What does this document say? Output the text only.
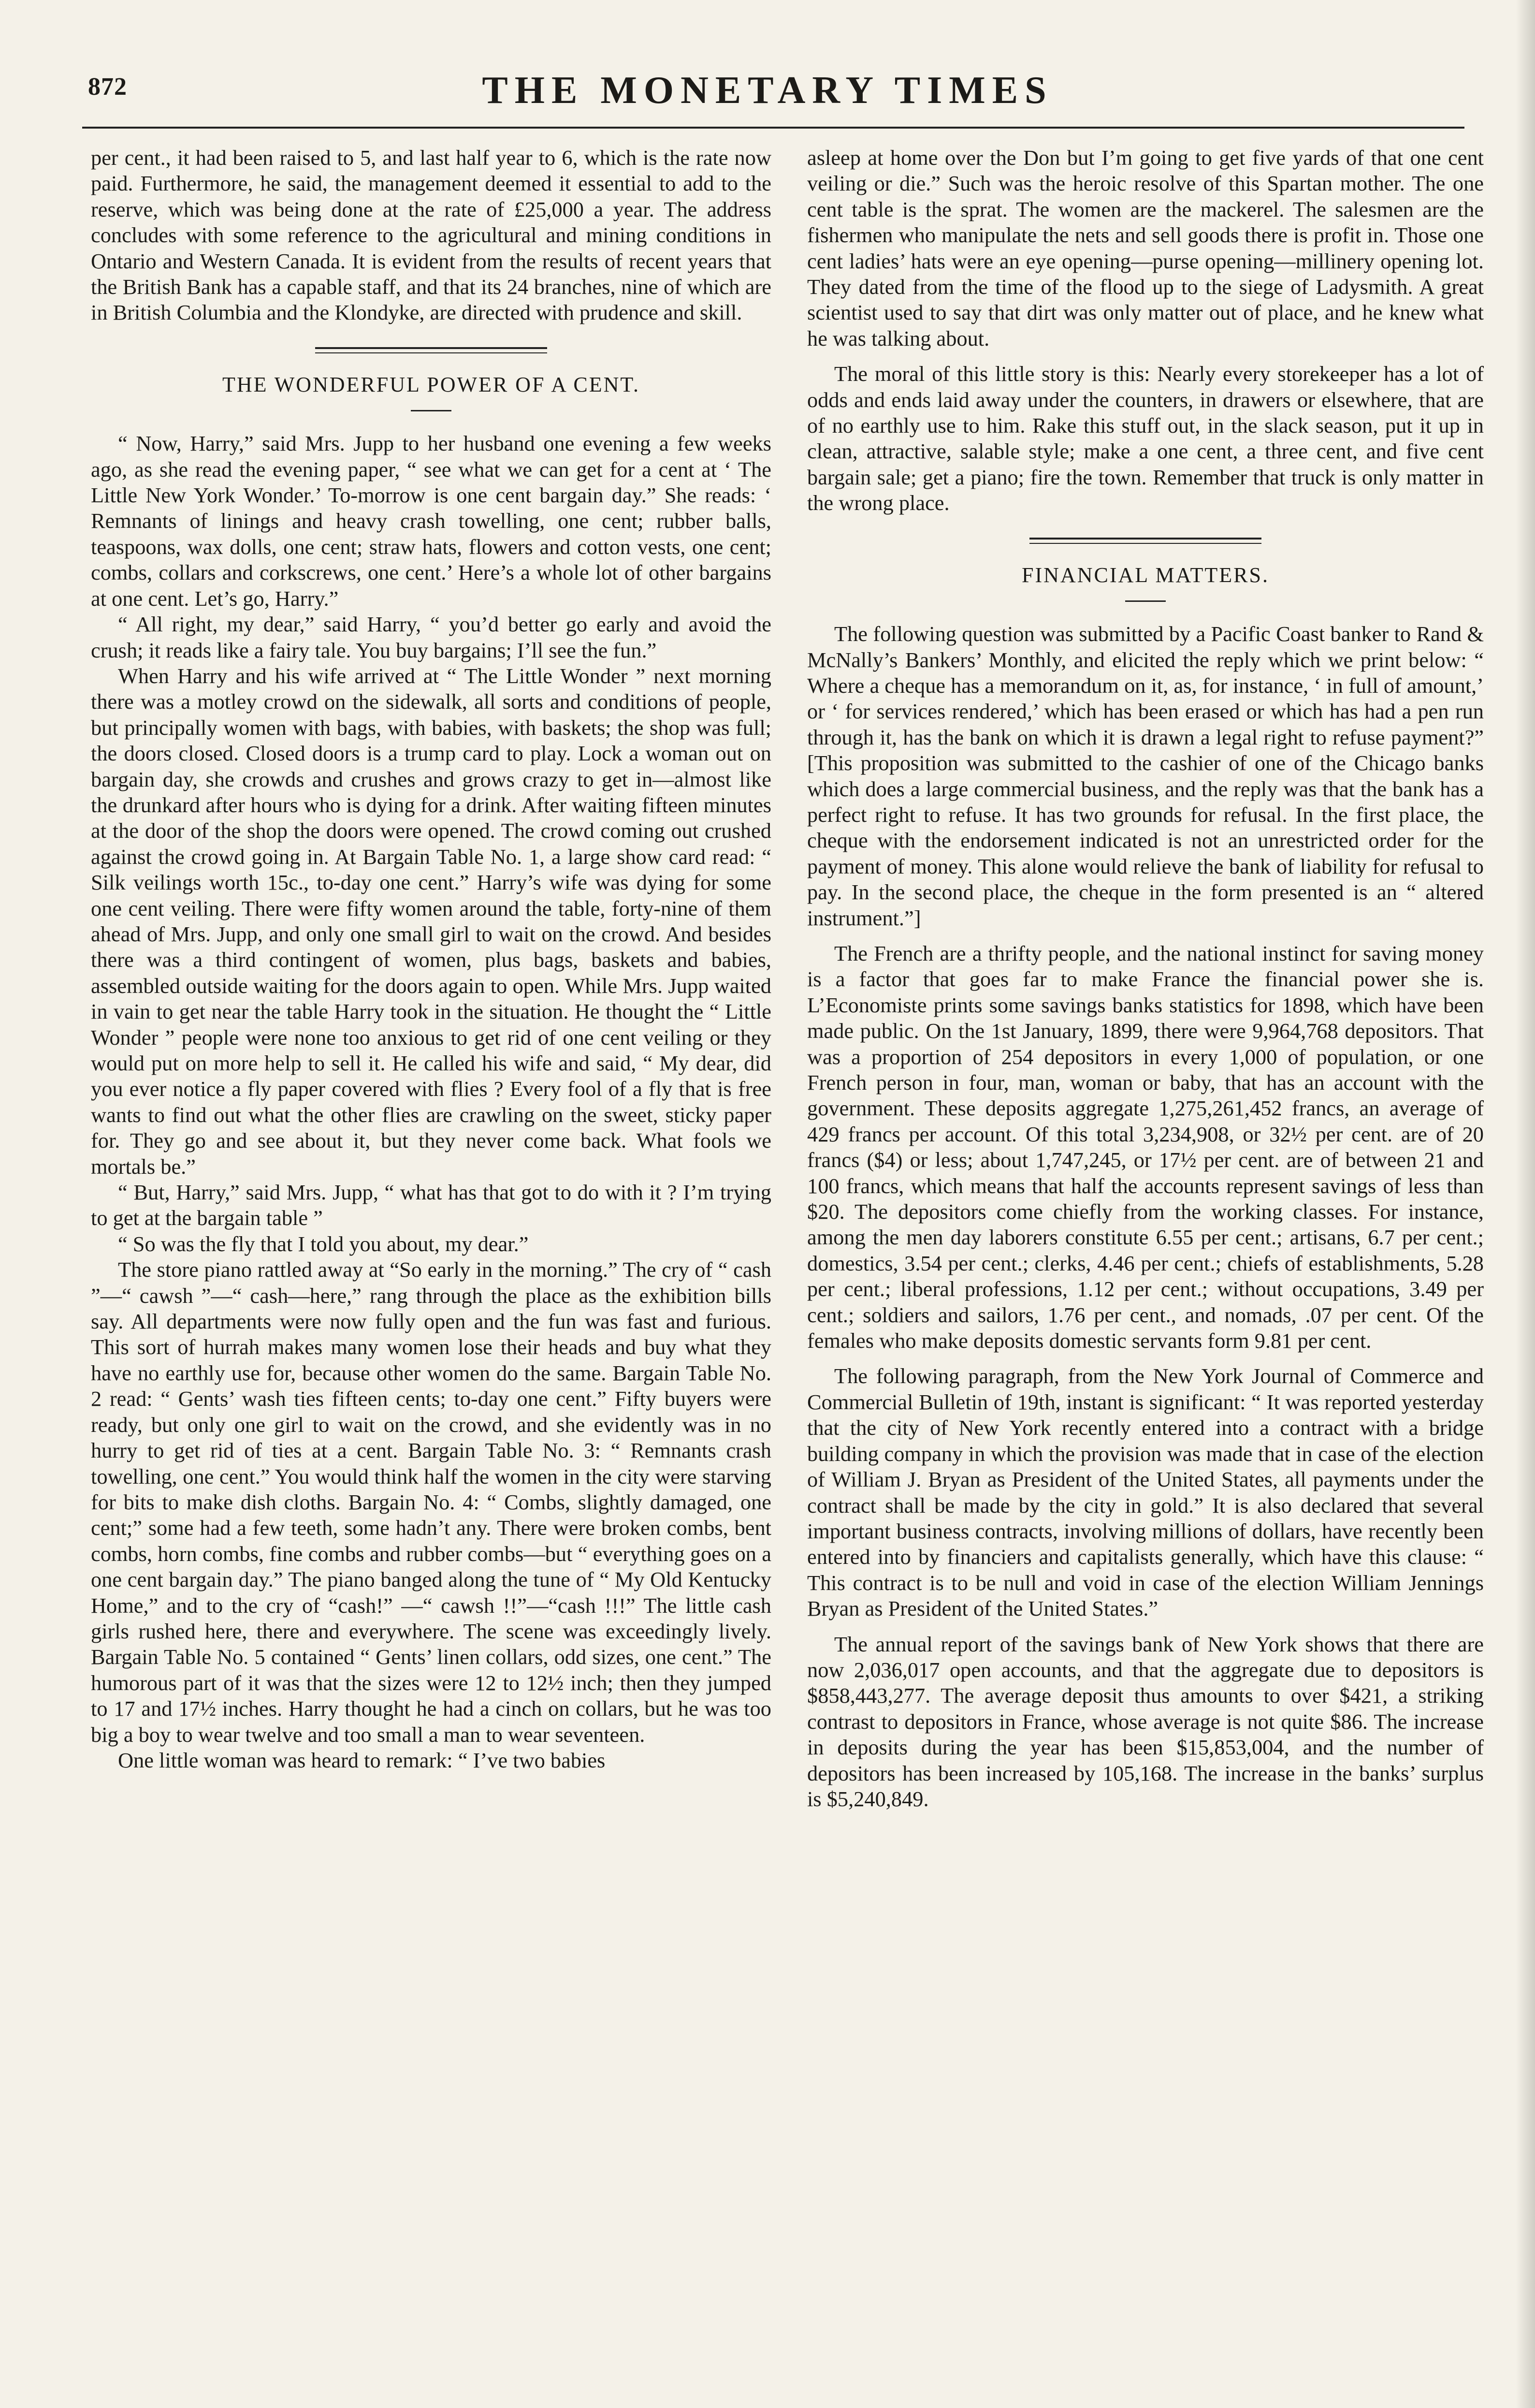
872	THE MONETARY TIMES

per cent., it had been raised to 5, and last half year to 6, which is the rate now paid. Furthermore, he said, the management deemed it essential to add to the reserve, which was being done at the rate of £25,000 a year. The address concludes with some reference to the agricultural and mining conditions in Ontario and Western Canada. It is evident from the results of recent years that the British Bank has a capable staff, and that its 24 branches, nine of which are in British Columbia and the Klondyke, are directed with prudence and skill.

THE WONDERFUL POWER OF A CENT.

“ Now, Harry,” said Mrs. Jupp to her husband one evening a few weeks ago, as she read the evening paper, “ see what we can get for a cent at ‘ The Little New York Wonder.’ To-morrow is one cent bargain day.” She reads: ‘ Remnants of linings and heavy crash towelling, one cent; rubber balls, teaspoons, wax dolls, one cent; straw hats, flowers and cotton vests, one cent; combs, collars and corkscrews, one cent.’ Here’s a whole lot of other bargains at one cent. Let’s go, Harry.”

“ All right, my dear,” said Harry, “ you’d better go early and avoid the crush; it reads like a fairy tale. You buy bargains; I’ll see the fun.”

When Harry and his wife arrived at “ The Little Wonder ” next morning there was a motley crowd on the sidewalk, all sorts and conditions of people, but principally women with bags, with babies, with baskets; the shop was full; the doors closed. Closed doors is a trump card to play. Lock a woman out on bargain day, she crowds and crushes and grows crazy to get in—almost like the drunkard after hours who is dying for a drink. After waiting fifteen minutes at the door of the shop the doors were opened. The crowd coming out crushed against the crowd going in. At Bargain Table No. 1, a large show card read: “ Silk veilings worth 15c., to-day one cent.” Harry’s wife was dying for some one cent veiling. There were fifty women around the table, forty-nine of them ahead of Mrs. Jupp, and only one small girl to wait on the crowd. And besides there was a third contingent of women, plus bags, baskets and babies, assembled outside waiting for the doors again to open. While Mrs. Jupp waited in vain to get near the table Harry took in the situation. He thought the “ Little Wonder ” people were none too anxious to get rid of one cent veiling or they would put on more help to sell it. He called his wife and said, “ My dear, did you ever notice a fly paper covered with flies ? Every fool of a fly that is free wants to find out what the other flies are crawling on the sweet, sticky paper for. They go and see about it, but they never come back. What fools we mortals be.”

“ But, Harry,” said Mrs. Jupp, “ what has that got to do with it ? I’m trying to get at the bargain table ”

“ So was the fly that I told you about, my dear.”

The store piano rattled away at “So early in the morning.” The cry of “ cash ”—“ cawsh ”—“ cash—here,” rang through the place as the exhibition bills say. All departments were now fully open and the fun was fast and furious. This sort of hurrah makes many women lose their heads and buy what they have no earthly use for, because other women do the same. Bargain Table No. 2 read: “ Gents’ wash ties fifteen cents; to-day one cent.” Fifty buyers were ready, but only one girl to wait on the crowd, and she evidently was in no hurry to get rid of ties at a cent. Bargain Table No. 3: “ Remnants crash towelling, one cent.” You would think half the women in the city were starving for bits to make dish cloths. Bargain No. 4: “ Combs, slightly damaged, one cent;” some had a few teeth, some hadn’t any. There were broken combs, bent combs, horn combs, fine combs and rubber combs—but “ everything goes on a one cent bargain day.” The piano banged along the tune of “ My Old Kentucky Home,” and to the cry of “cash!” —“ cawsh !!”—“cash !!!” The little cash girls rushed here, there and everywhere. The scene was exceedingly lively. Bargain Table No. 5 contained “ Gents’ linen collars, odd sizes, one cent.” The humorous part of it was that the sizes were 12 to 12½ inch; then they jumped to 17 and 17½ inches. Harry thought he had a cinch on collars, but he was too big a boy to wear twelve and too small a man to wear seventeen.

One little woman was heard to remark: “ I’ve two babies

asleep at home over the Don but I’m going to get five yards of that one cent veiling or die.” Such was the heroic resolve of this Spartan mother. The one cent table is the sprat. The women are the mackerel. The salesmen are the fishermen who manipulate the nets and sell goods there is profit in. Those one cent ladies’ hats were an eye opening—purse opening—millinery opening lot. They dated from the time of the flood up to the siege of Ladysmith. A great scientist used to say that dirt was only matter out of place, and he knew what he was talking about.

The moral of this little story is this: Nearly every storekeeper has a lot of odds and ends laid away under the counters, in drawers or elsewhere, that are of no earthly use to him. Rake this stuff out, in the slack season, put it up in clean, attractive, salable style; make a one cent, a three cent, and five cent bargain sale; get a piano; fire the town. Remember that truck is only matter in the wrong place.

FINANCIAL MATTERS.

The following question was submitted by a Pacific Coast banker to Rand & McNally’s Bankers’ Monthly, and elicited the reply which we print below: “ Where a cheque has a memorandum on it, as, for instance, ‘ in full of amount,’ or ‘ for services rendered,’ which has been erased or which has had a pen run through it, has the bank on which it is drawn a legal right to refuse payment?” [This proposition was submitted to the cashier of one of the Chicago banks which does a large commercial business, and the reply was that the bank has a perfect right to refuse. It has two grounds for refusal. In the first place, the cheque with the endorsement indicated is not an unrestricted order for the payment of money. This alone would relieve the bank of liability for refusal to pay. In the second place, the cheque in the form presented is an “ altered instrument.”]

The French are a thrifty people, and the national instinct for saving money is a factor that goes far to make France the financial power she is. L’Economiste prints some savings banks statistics for 1898, which have been made public. On the 1st January, 1899, there were 9,964,768 depositors. That was a proportion of 254 depositors in every 1,000 of population, or one French person in four, man, woman or baby, that has an account with the government. These deposits aggregate 1,275,261,452 francs, an average of 429 francs per account. Of this total 3,234,908, or 32½ per cent. are of 20 francs ($4) or less; about 1,747,245, or 17½ per cent. are of between 21 and 100 francs, which means that half the accounts represent savings of less than $20. The depositors come chiefly from the working classes. For instance, among the men day laborers constitute 6.55 per cent.; artisans, 6.7 per cent.; domestics, 3.54 per cent.; clerks, 4.46 per cent.; chiefs of establishments, 5.28 per cent.; liberal professions, 1.12 per cent.; without occupations, 3.49 per cent.; soldiers and sailors, 1.76 per cent., and nomads, .07 per cent. Of the females who make deposits domestic servants form 9.81 per cent.

The following paragraph, from the New York Journal of Commerce and Commercial Bulletin of 19th, instant is significant: “ It was reported yesterday that the city of New York recently entered into a contract with a bridge building company in which the provision was made that in case of the election of William J. Bryan as President of the United States, all payments under the contract shall be made by the city in gold.” It is also declared that several important business contracts, involving millions of dollars, have recently been entered into by financiers and capitalists generally, which have this clause: “ This contract is to be null and void in case of the election William Jennings Bryan as President of the United States.”

The annual report of the savings bank of New York shows that there are now 2,036,017 open accounts, and that the aggregate due to depositors is $858,443,277. The average deposit thus amounts to over $421, a striking contrast to depositors in France, whose average is not quite $86. The increase in deposits during the year has been $15,853,004, and the number of depositors has been increased by 105,168. The increase in the banks’ surplus is $5,240,849.
